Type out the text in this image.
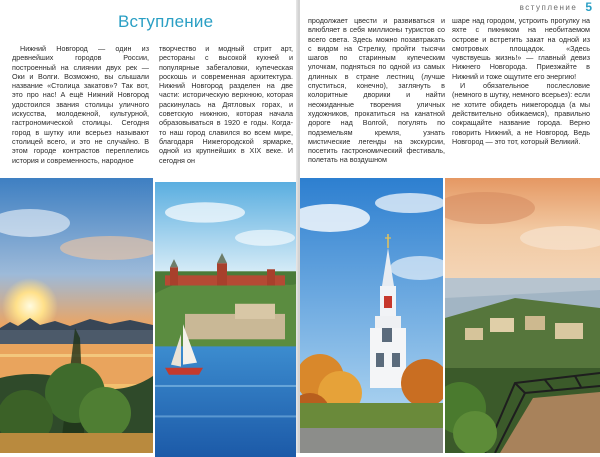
Вступление

Нижний Новгород — один из древнейших городов России, построенный на слиянии двух рек — Оки и Волги. Возможно, вы слышали название «Столица закатов»? Так вот, это про нас! А ещё Нижний Новгород удостоился звания столицы уличного искусства, молодежной, культурной, гастрономической столицы. Сегодня город в шутку или всерьез называют столицей всего, и это не случайно. В этом городе контрастов переплелись история и современность, народное

творчество и модный стрит арт, рестораны с высокой кухней и популярные забегаловки, купеческая роскошь и современная архитектура. Нижний Новгород разделен на две части: историческую верхнюю, которая раскинулась на Дятловых горах, и советскую нижнюю, которая начала образовываться в 1920 е годы. Когда-то наш город славился во всем мире, благодаря Нижегородской ярмарке, одной из крупнейших в XIX веке. И сегодня он

вступление 5

продолжает цвести и развиваться и влюбляет в себя миллионы туристов со всего света. Здесь можно позавтракать с видом на Стрелку, пройти тысячи шагов по старинным купеческим улочкам, подняться по одной из самых длинных в стране лестниц (лучше спуститься, конечно), заглянуть в колоритные дворики и найти неожиданные творения уличных художников, прокатиться на канатной дороге над Волгой, погулять по подземельям кремля, узнать мистические легенды на экскурсии, посетить гастрономический фестиваль, полетать на воздушном

шаре над городом, устроить прогулку на яхте с пикником на необитаемом острове и встретить закат на одной из смотровых площадок. «Здесь чувствуешь жизнь!» — главный девиз Нижнего Новгорода. Приезжайте в Нижний и тоже ощутите его энергию!

И обязательное послесловие (немного в шутку, немного всерьез): если не хотите обидеть нижегородца (а мы действительно обижаемся), правильно сокращайте название города. Верно говорить Нижний, а не Новгород. Ведь Новгород — это тот, который Великий.
